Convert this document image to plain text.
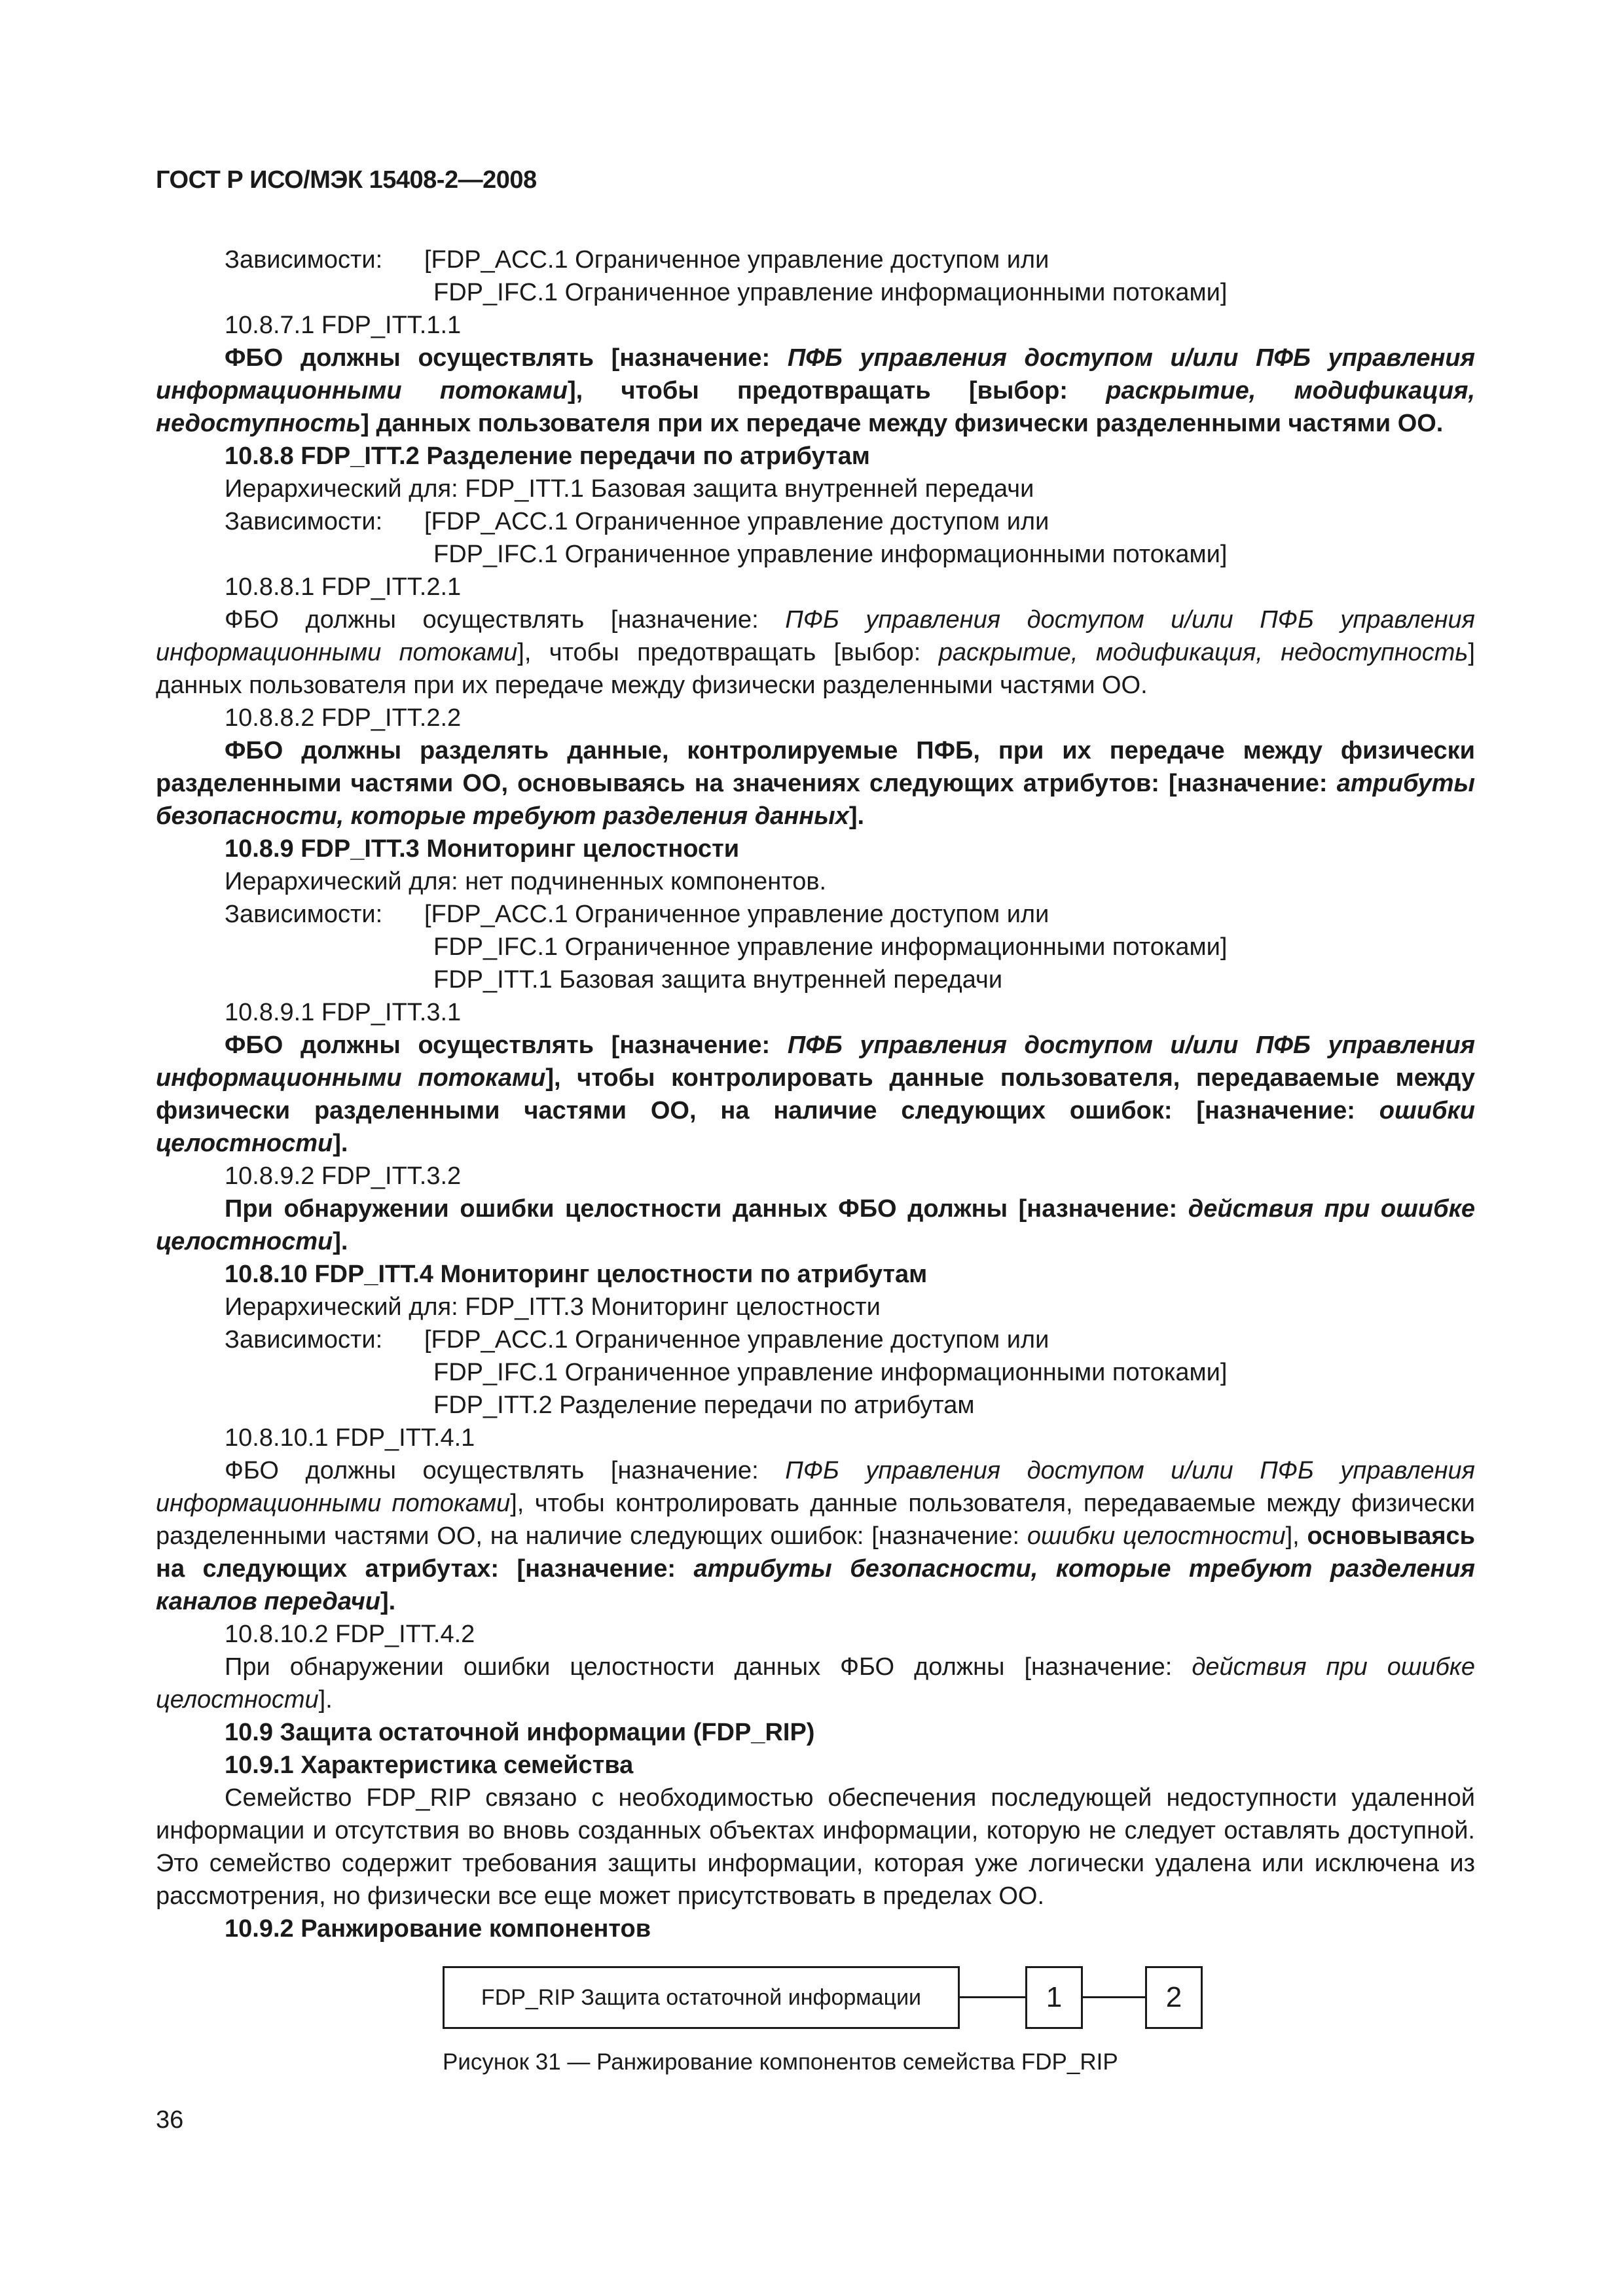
ГОСТ Р ИСО/МЭК 15408-2—2008
Зависимости:	[FDP_ACC.1 Ограниченное управление доступом или
FDP_IFC.1 Ограниченное управление информационными потоками]

10.8.7.1 FDP_ITT.1.1

ФБО должны осуществлять [назначение: ПФБ управления доступом и/или ПФБ управления информационными потоками], чтобы предотвращать [выбор: раскрытие, модификация, недоступность] данных пользователя при их передаче между физически разделенными частями ОО.

10.8.8 FDP_ITT.2 Разделение передачи по атрибутам

Иерархический для:
FDP_ITT.1 Базовая защита внутренней передачи
Зависимости:	[FDP_ACC.1 Ограниченное управление доступом или
FDP_IFC.1 Ограниченное управление информационными потоками]

10.8.8.1 FDP_ITT.2.1

ФБО должны осуществлять [назначение: ПФБ управления доступом и/или ПФБ управления информационными потоками], чтобы предотвращать [выбор: раскрытие, модификация, недоступность] данных пользователя при их передаче между физически разделенными частями ОО.

10.8.8.2 FDP_ITT.2.2

ФБО должны разделять данные, контролируемые ПФБ, при их передаче между физически разделенными частями ОО, основываясь на значениях следующих атрибутов: [назначение: атрибуты безопасности, которые требуют разделения данных].

10.8.9 FDP_ITT.3 Мониторинг целостности

Иерархический для:
нет подчиненных компонентов.
Зависимости:	[FDP_ACC.1 Ограниченное управление доступом или
FDP_IFC.1 Ограниченное управление информационными потоками]
FDP_ITT.1 Базовая защита внутренней передачи

10.8.9.1 FDP_ITT.3.1

ФБО должны осуществлять [назначение: ПФБ управления доступом и/или ПФБ управления информационными потоками], чтобы контролировать данные пользователя, передаваемые между физически разделенными частями ОО, на наличие следующих ошибок: [назначение: ошибки целостности].

10.8.9.2 FDP_ITT.3.2

При обнаружении ошибки целостности данных ФБО должны [назначение: действия при ошибке целостности].

10.8.10 FDP_ITT.4 Мониторинг целостности по атрибутам

Иерархический для:
FDP_ITT.3 Мониторинг целостности
Зависимости:	[FDP_ACC.1 Ограниченное управление доступом или
FDP_IFC.1 Ограниченное управление информационными потоками]
FDP_ITT.2 Разделение передачи по атрибутам

10.8.10.1 FDP_ITT.4.1

ФБО должны осуществлять [назначение: ПФБ управления доступом и/или ПФБ управления информационными потоками], чтобы контролировать данные пользователя, передаваемые между физически разделенными частями ОО, на наличие следующих ошибок: [назначение: ошибки целостности], основываясь на следующих атрибутах: [назначение: атрибуты безопасности, которые требуют разделения каналов передачи].

10.8.10.2 FDP_ITT.4.2

При обнаружении ошибки целостности данных ФБО должны [назначение: действия при ошибке целостности].

10.9 Защита остаточной информации (FDP_RIP)

10.9.1 Характеристика семейства

Семейство FDP_RIP связано с необходимостью обеспечения последующей недоступности удаленной информации и отсутствия во вновь созданных объектах информации, которую не следует оставлять доступной. Это семейство содержит требования защиты информации, которая уже логически удалена или исключена из рассмотрения, но физически все еще может присутствовать в пределах ОО.

10.9.2 Ранжирование компонентов

FDP_RIP Защита остаточной информации	1	2
Рисунок 31 — Ранжирование компонентов семейства FDP_RIP
36
